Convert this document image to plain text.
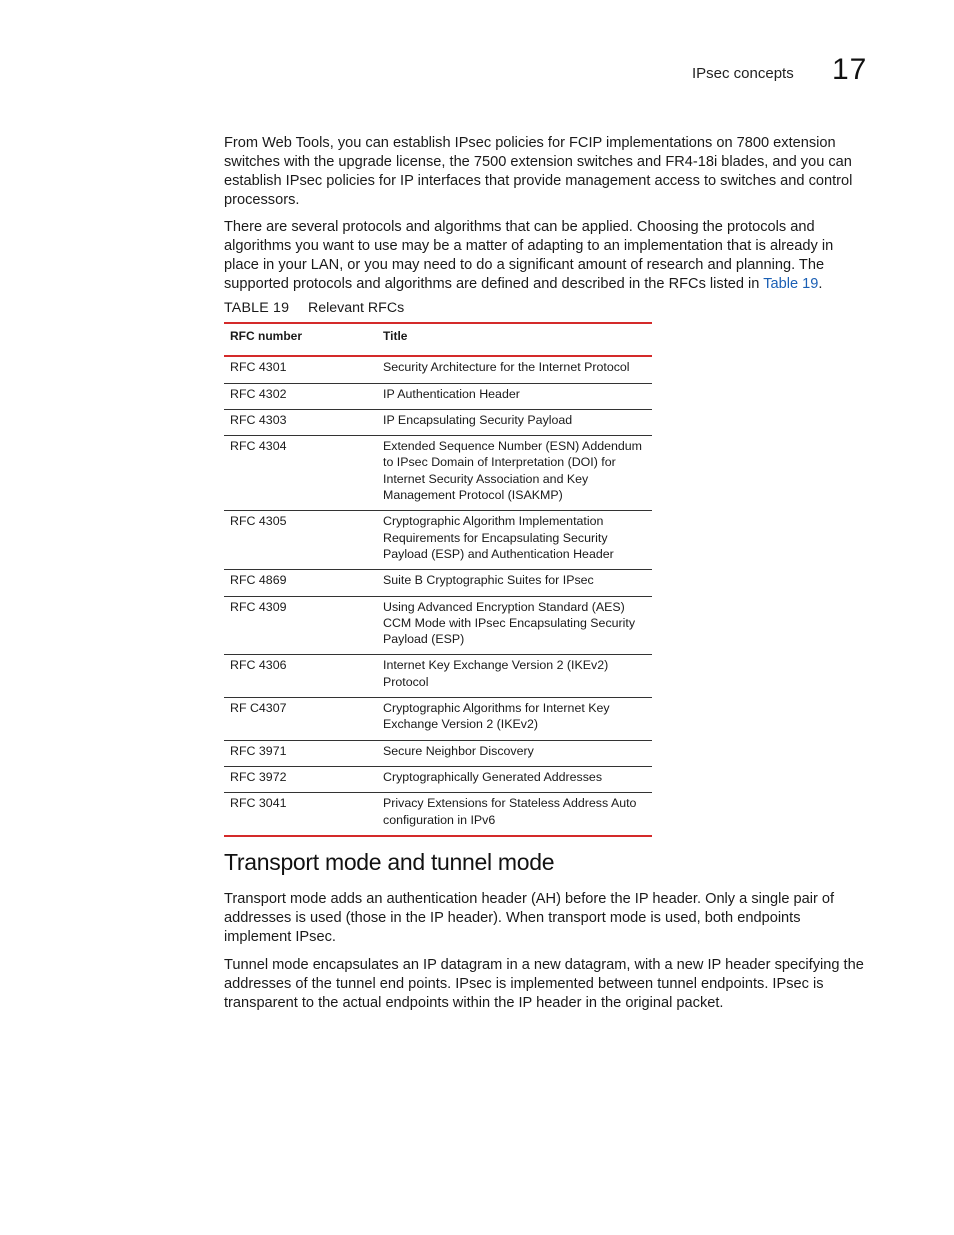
IPsec concepts 17

From Web Tools, you can establish IPsec policies for FCIP implementations on 7800 extension switches with the upgrade license, the 7500 extension switches and FR4-18i blades, and you can establish IPsec policies for IP interfaces that provide management access to switches and control processors.

There are several protocols and algorithms that can be applied. Choosing the protocols and algorithms you want to use may be a matter of adapting to an implementation that is already in place in your LAN, or you may need to do a significant amount of research and planning. The supported protocols and algorithms are defined and described in the RFCs listed in Table 19.

TABLE 19 Relevant RFCs
RFC number	Title
RFC 4301	Security Architecture for the Internet Protocol
RFC 4302	IP Authentication Header
RFC 4303	IP Encapsulating Security Payload
RFC 4304	Extended Sequence Number (ESN) Addendum to IPsec Domain of Interpretation (DOI) for Internet Security Association and Key Management Protocol (ISAKMP)
RFC 4305	Cryptographic Algorithm Implementation Requirements for Encapsulating Security Payload (ESP) and Authentication Header
RFC 4869	Suite B Cryptographic Suites for IPsec
RFC 4309	Using Advanced Encryption Standard (AES) CCM Mode with IPsec Encapsulating Security Payload (ESP)
RFC 4306	Internet Key Exchange Version 2 (IKEv2) Protocol
RF C4307	Cryptographic Algorithms for Internet Key Exchange Version 2 (IKEv2)
RFC 3971	Secure Neighbor Discovery
RFC 3972	Cryptographically Generated Addresses
RFC 3041	Privacy Extensions for Stateless Address Auto configuration in IPv6
Transport mode and tunnel mode

Transport mode adds an authentication header (AH) before the IP header. Only a single pair of addresses is used (those in the IP header). When transport mode is used, both endpoints implement IPsec.

Tunnel mode encapsulates an IP datagram in a new datagram, with a new IP header specifying the addresses of the tunnel end points. IPsec is implemented between tunnel endpoints. IPsec is transparent to the actual endpoints within the IP header in the original packet.
